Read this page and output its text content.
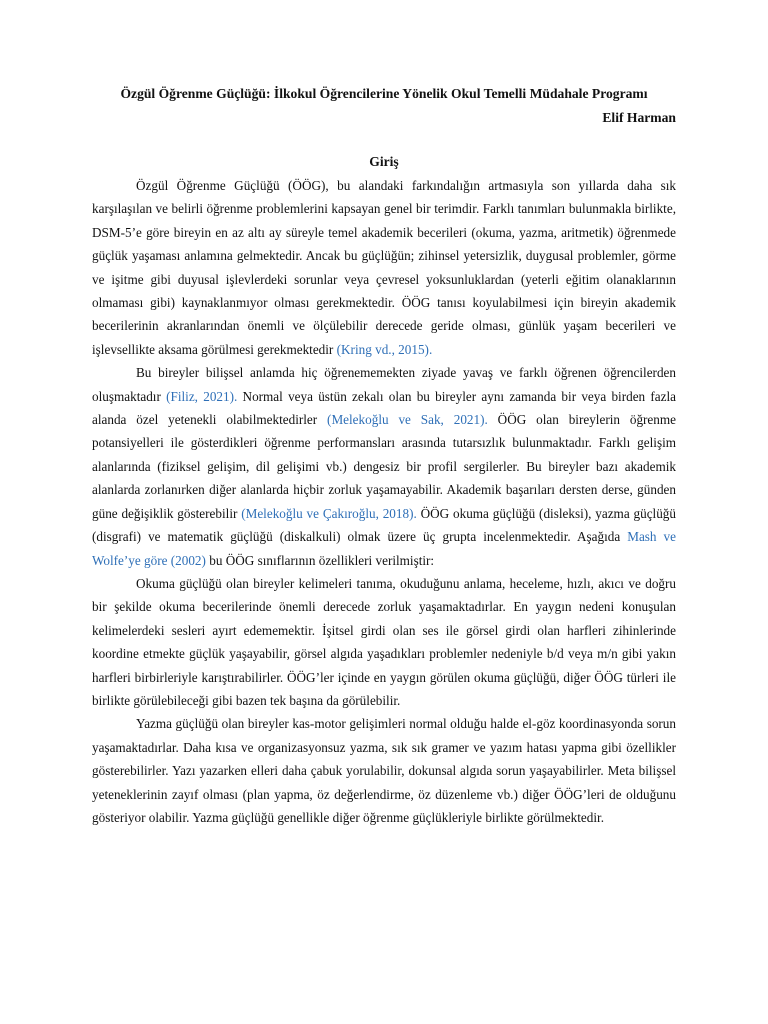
Özgül Öğrenme Güçlüğü: İlkokul Öğrencilerine Yönelik Okul Temelli Müdahale Programı

Elif Harman

Giriş

Özgül Öğrenme Güçlüğü (ÖÖG), bu alandaki farkındalığın artmasıyla son yıllarda daha sık karşılaşılan ve belirli öğrenme problemlerini kapsayan genel bir terimdir. Farklı tanımları bulunmakla birlikte, DSM-5’e göre bireyin en az altı ay süreyle temel akademik becerileri (okuma, yazma, aritmetik) öğrenmede güçlük yaşaması anlamına gelmektedir. Ancak bu güçlüğün; zihinsel yetersizlik, duygusal problemler, görme ve işitme gibi duyusal işlevlerdeki sorunlar veya çevresel yoksunluklardan (yeterli eğitim olanaklarının olmaması gibi) kaynaklanmıyor olması gerekmektedir. ÖÖG tanısı koyulabilmesi için bireyin akademik becerilerinin akranlarından önemli ve ölçülebilir derecede geride olması, günlük yaşam becerileri ve işlevsellikte aksama görülmesi gerekmektedir (Kring vd., 2015).

Bu bireyler bilişsel anlamda hiç öğrenememekten ziyade yavaş ve farklı öğrenen öğrencilerden oluşmaktadır (Filiz, 2021). Normal veya üstün zekalı olan bu bireyler aynı zamanda bir veya birden fazla alanda özel yetenekli olabilmektedirler (Melekoğlu ve Sak, 2021). ÖÖG olan bireylerin öğrenme potansiyelleri ile gösterdikleri öğrenme performansları arasında tutarsızlık bulunmaktadır. Farklı gelişim alanlarında (fiziksel gelişim, dil gelişimi vb.) dengesiz bir profil sergilerler. Bu bireyler bazı akademik alanlarda zorlanırken diğer alanlarda hiçbir zorluk yaşamayabilir. Akademik başarıları dersten derse, günden güne değişiklik gösterebilir (Melekoğlu ve Çakıroğlu, 2018). ÖÖG okuma güçlüğü (disleksi), yazma güçlüğü (disgrafi) ve matematik güçlüğü (diskalkuli) olmak üzere üç grupta incelenmektedir. Aşağıda Mash ve Wolfe’ye göre (2002) bu ÖÖG sınıflarının özellikleri verilmiştir:

Okuma güçlüğü olan bireyler kelimeleri tanıma, okuduğunu anlama, heceleme, hızlı, akıcı ve doğru bir şekilde okuma becerilerinde önemli derecede zorluk yaşamaktadırlar. En yaygın nedeni konuşulan kelimelerdeki sesleri ayırt edememektir. İşitsel girdi olan ses ile görsel girdi olan harfleri zihinlerinde koordine etmekte güçlük yaşayabilir, görsel algıda yaşadıkları problemler nedeniyle b/d veya m/n gibi yakın harfleri birbirleriyle karıştırabilirler. ÖÖG’ler içinde en yaygın görülen okuma güçlüğü, diğer ÖÖG türleri ile birlikte görülebileceği gibi bazen tek başına da görülebilir.

Yazma güçlüğü olan bireyler kas-motor gelişimleri normal olduğu halde el-göz koordinasyonda sorun yaşamaktadırlar. Daha kısa ve organizasyonsuz yazma, sık sık gramer ve yazım hatası yapma gibi özellikler gösterebilirler. Yazı yazarken elleri daha çabuk yorulabilir, dokunsal algıda sorun yaşayabilirler. Meta bilişsel yeteneklerinin zayıf olması (plan yapma, öz değerlendirme, öz düzenleme vb.) diğer ÖÖG’leri de olduğunu gösteriyor olabilir. Yazma güçlüğü genellikle diğer öğrenme güçlükleriyle birlikte görülmektedir.
